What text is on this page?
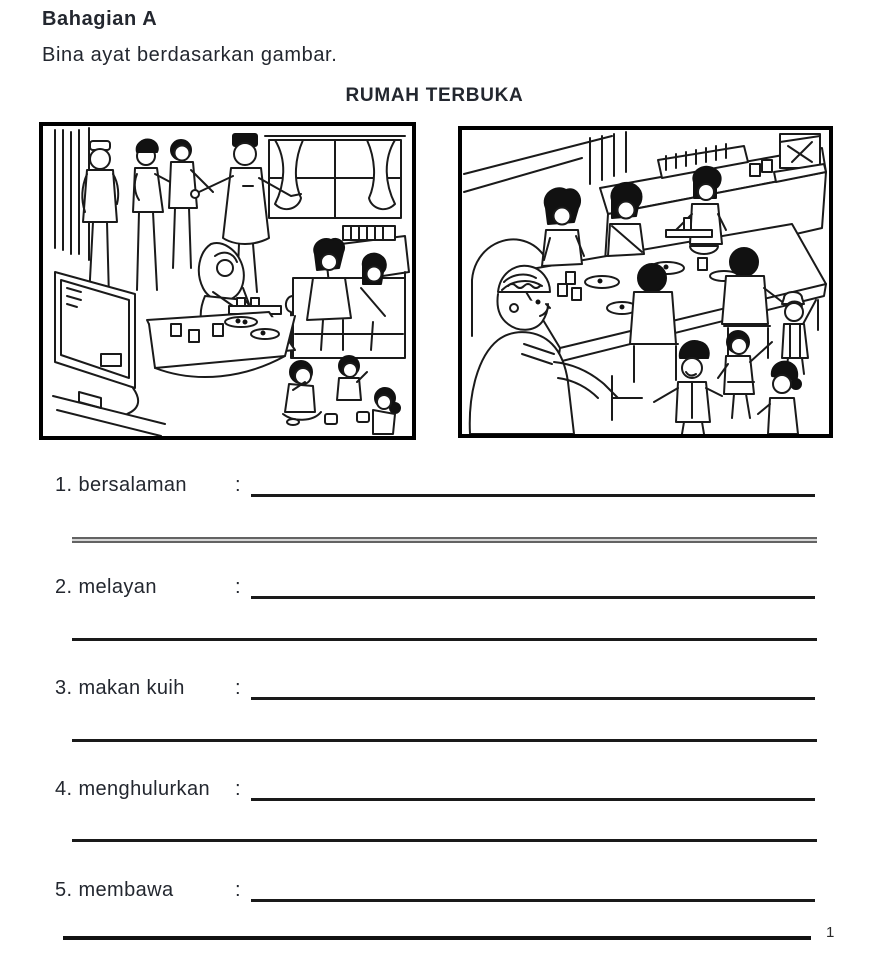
Bahagian A
Bina ayat berdasarkan gambar.
RUMAH TERBUKA
1. bersalaman	:
2. melayan	:
3. makan kuih	:
4. menghulurkan	:
5. membawa	:
1
